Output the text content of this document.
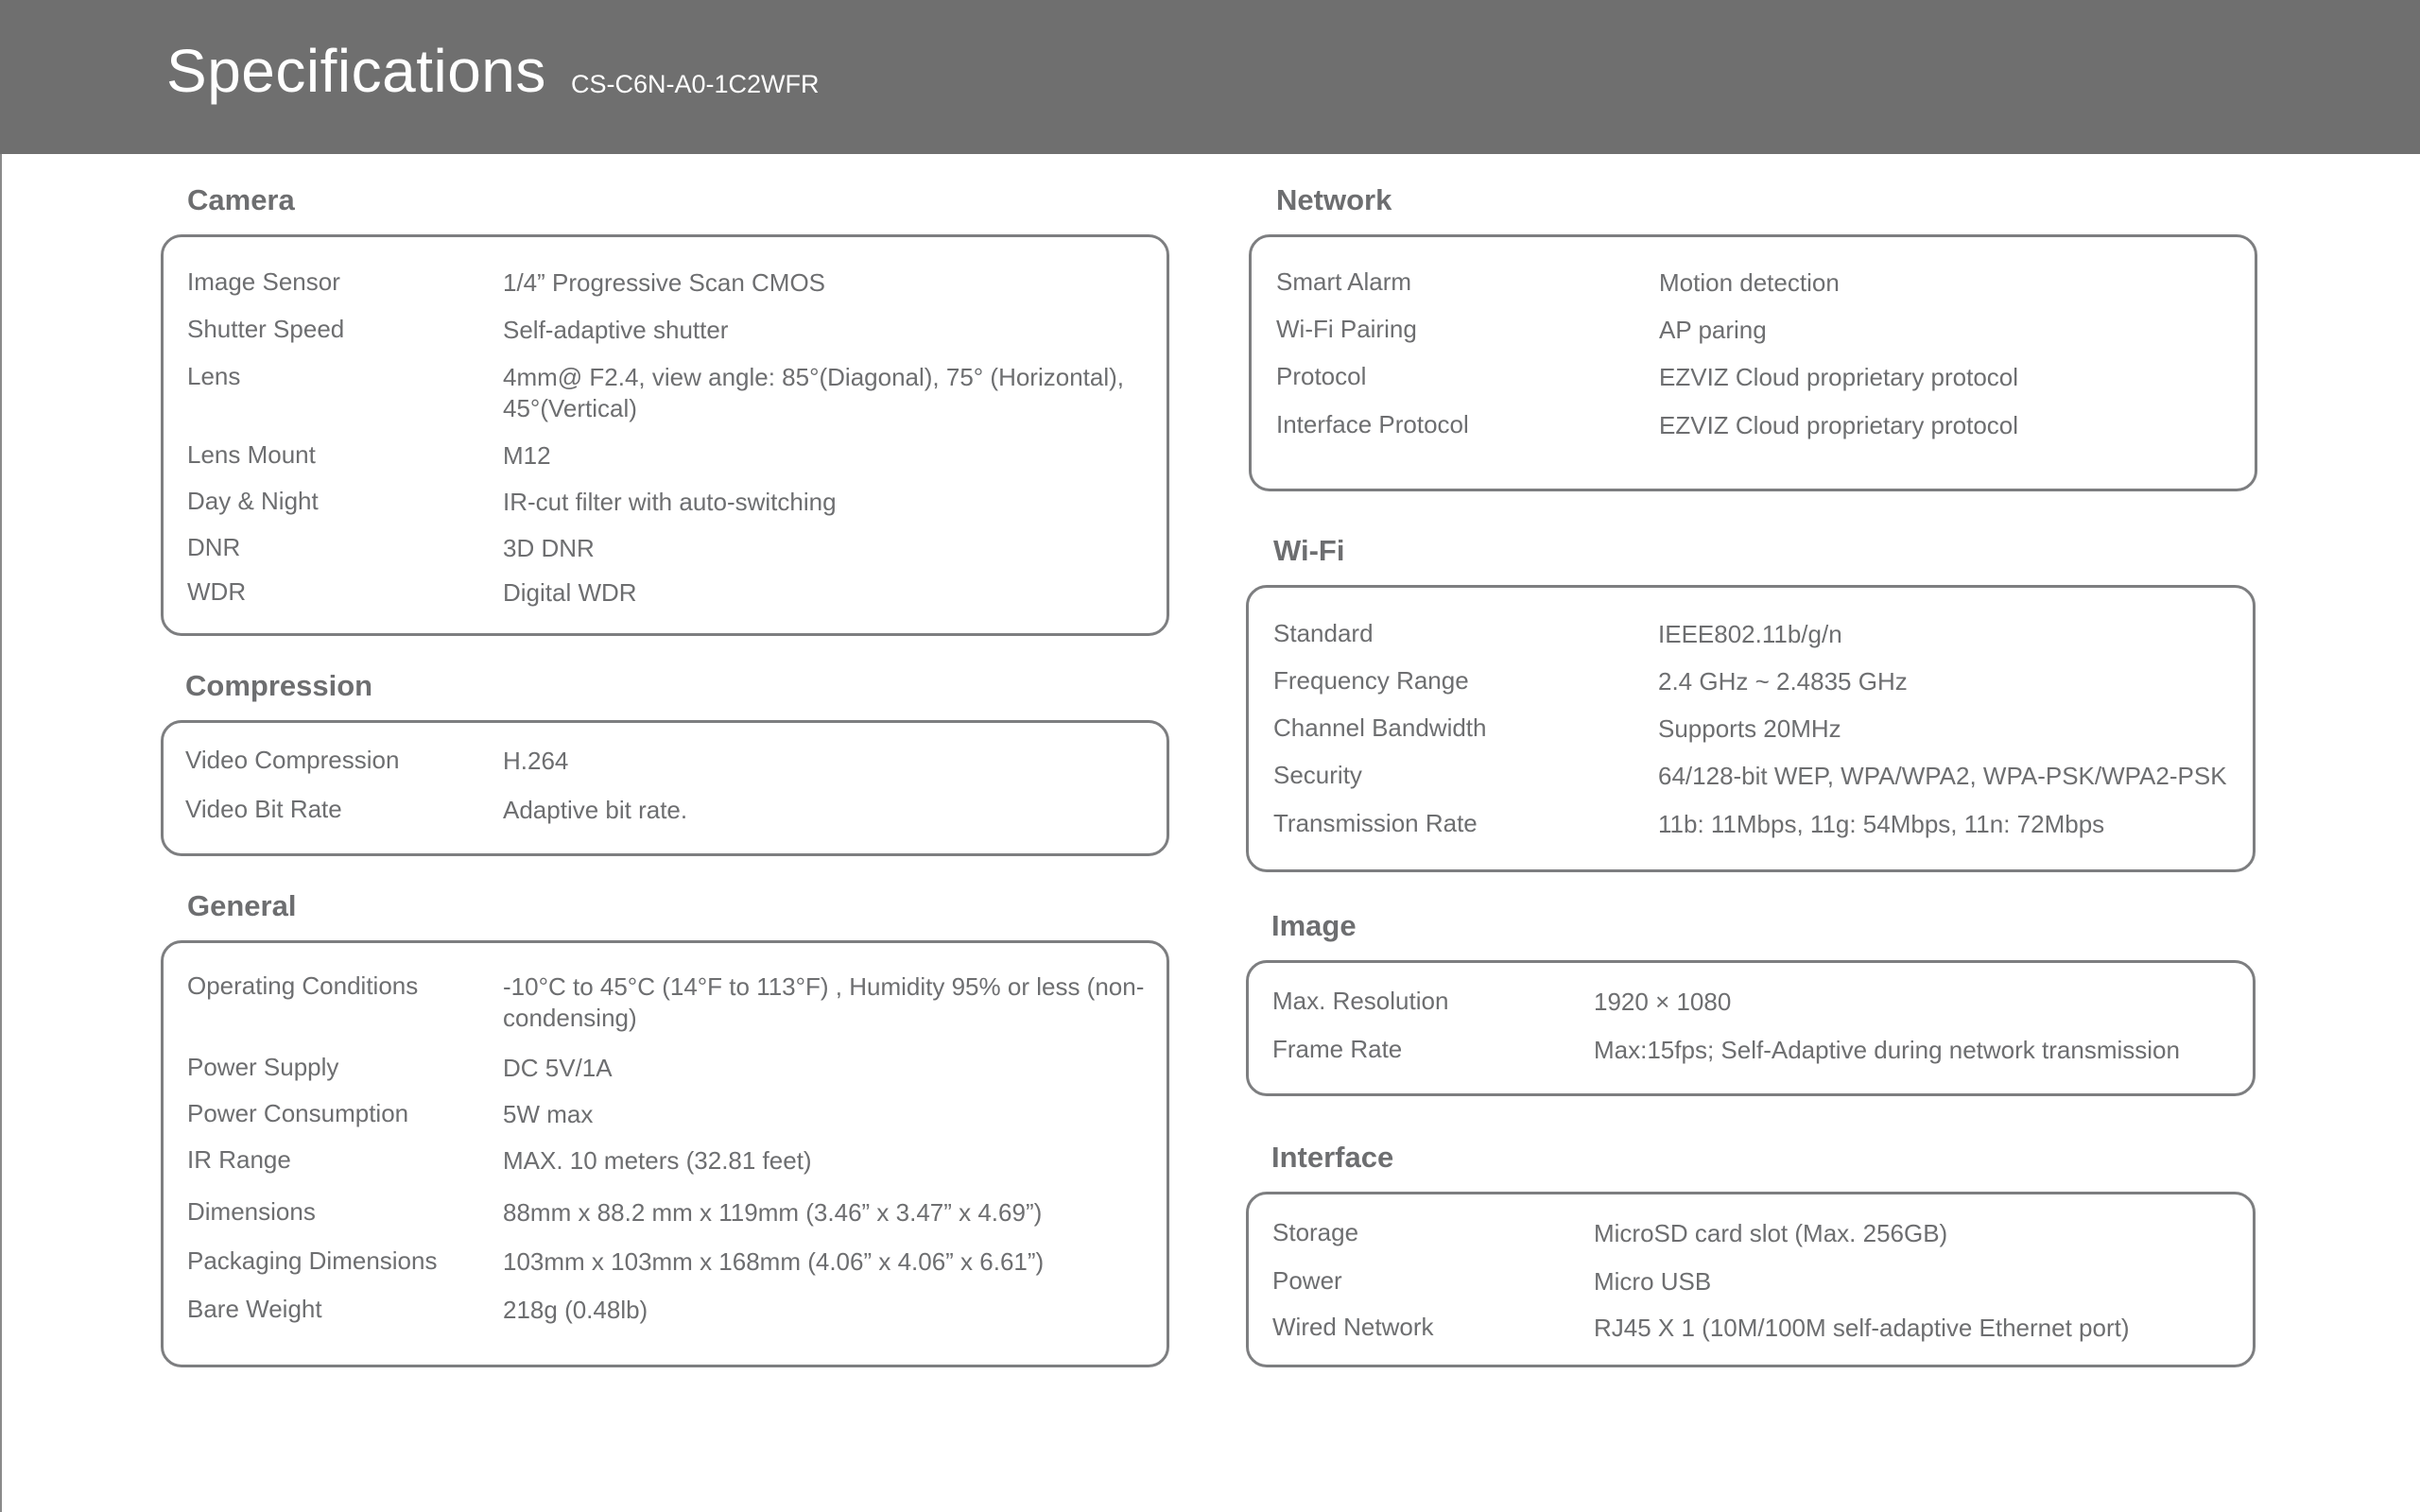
Specifications CS-C6N-A0-1C2WFR
Camera
Image Sensor	1/4” Progressive Scan CMOS
Shutter Speed	Self-adaptive shutter
Lens	4mm@ F2.4, view angle: 85°(Diagonal), 75° (Horizontal), 45°(Vertical)
Lens Mount	M12
Day & Night	IR-cut filter with auto-switching
DNR	3D DNR
WDR	Digital WDR
Compression
Video Compression	H.264
Video Bit Rate	Adaptive bit rate.
General
Operating Conditions	-10°C to 45°C (14°F to 113°F) , Humidity 95% or less (non-condensing)
Power Supply	DC 5V/1A
Power Consumption	5W max
IR Range	MAX. 10 meters (32.81 feet)
Dimensions	88mm x 88.2 mm x 119mm (3.46” x 3.47” x 4.69”)
Packaging Dimensions	103mm x 103mm x 168mm (4.06” x 4.06” x 6.61”)
Bare Weight	218g (0.48lb)
Network
Smart Alarm	Motion detection
Wi-Fi Pairing	AP paring
Protocol	EZVIZ Cloud proprietary protocol
Interface Protocol	EZVIZ Cloud proprietary protocol
Wi-Fi
Standard	IEEE802.11b/g/n
Frequency Range	2.4 GHz ~ 2.4835 GHz
Channel Bandwidth	Supports 20MHz
Security	64/128-bit WEP, WPA/WPA2, WPA-PSK/WPA2-PSK
Transmission Rate	11b: 11Mbps, 11g: 54Mbps, 11n: 72Mbps
Image
Max. Resolution	1920 × 1080
Frame Rate	Max:15fps; Self-Adaptive during network transmission
Interface
Storage	MicroSD card slot (Max. 256GB)
Power	Micro USB
Wired Network	RJ45 X 1 (10M/100M self-adaptive Ethernet port)
